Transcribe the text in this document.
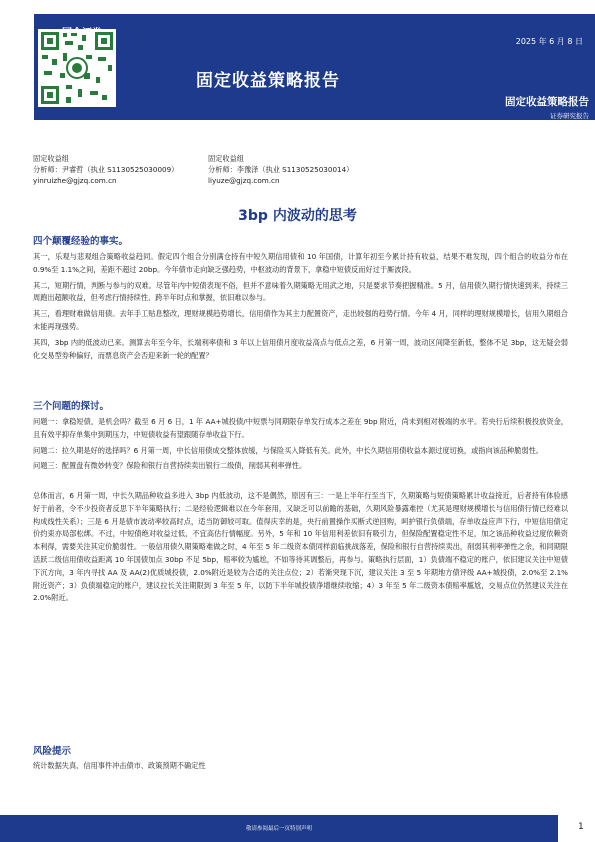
2025 年 6 月 8 日
固定收益策略报告
固定收益策略报告
证券研究报告
固定收益组
分析师：尹睿哲（执业 S1130525030009）
yinruizhe@gjzq.com.cn
固定收益组
分析师：李豫泽（执业 S1130525030014）
liyuze@gjzq.com.cn
3bp 内波动的思考
四个颠覆经验的事实。

其一，乐观与悲观组合策略收益趋同。假定四个组合分别满仓持有中短久期信用债和 10 年国债，计算年初至今累计持有收益，结果不难发现，四个组合的收益分布在 0.9%至 1.1%之间，差距不超过 20bp。今年债市走向缺乏强趋势，中枢波动的背景下，拿稳中短债反而好过于厮波段。

其二，短期行情，判断与参与的双难。尽管年内中短债表现不俗，但并不意味着久期策略无用武之地，只是要求节奏把握精准。5 月，信用债久期行情快速到来，持续三周跑出超额收益，但考虑行情持续性、跨半年时点和掌握，依旧难以参与。

其三，看理财难做信用债。去年手工贴息整改，理财规模趋势增长，信用债作为其主力配置资产，走出较强的趋势行情。今年 4 月，同样的理财规模增长，信用久期组合未能再现强势。

其四，3bp 内的低波动已来。测算去年至今年，长端利率债和 3 年以上信用债月度收益高点与低点之差，6 月第一周，波动区间降至新低，整体不足 3bp，这无疑会弱化交易型券种偏好，而票息资产会否迎来新一轮的配置？

三个问题的探讨。

问题一：拿稳短债，是机会吗？截至 6 月 6 日，1 年 AA+城投债/中短票与同期限存单发行成本之差在 9bp 附近，尚未到相对极端的水平。若央行后续积极投放资金，且有效平抑存单集中到期压力，中短债收益有望跟随存单收益下行。

问题二：拉久期是好的选择吗？6 月第一周，中长信用债成交整体放缓，与保险买入降低有关。此外，中长久期信用债收益本源过度切换，或指向该品种脆弱性。

问题三：配置盘有微妙转变？保险和银行自营持续卖出银行二级债，削弱其利率弹性。

总体而言，6 月第一周，中长久期品种收益多进入 3bp 内低波动，这不是偶然，原因有三：一是上半年行至当下，久期策略与短债策略累计收益接近，后者持有体验感好于前者，令不少投资者反思下半年策略执行；二是经验逻辑难以在今年套用，又缺乏可以前瞻的基础，久期风险暴露难控（尤其是理财规模增长与信用债行情已经难以构成线性关系）；三是 6 月是债市波动率较高时点，适当防御较可取。值得庆幸的是，央行前置操作买断式逆回购，呵护银行负债端，存单收益应声下行，中短信用债定价约束亦局部松绑。不过，中短债绝对收益过低，不宜高估行情幅度。另外，5 年和 10 年信用利差依旧有吸引力，但保险配置稳定性不足，加之该品种收益过度依赖资本利得，需要关注其定价脆弱性。一般信用债久期策略难做之时，4 年至 5 年二级资本债同样面临挑战落差，保险和银行自营持续卖出，削弱其利率弹性之余，和同期限活跃二级信用债收益距离 10 年国债加点 30bp 不足 5bp，赔率较为尴尬，不如等待其调整后，再参与。策略执行层面，1）负债端不稳定的账户，依旧建议关注中短债下沉方向，3 年内寻找 AA 及 AA(2)优质城投债，2.0%附近是较为合适的关注点位；2）若渐突现下沉，建议关注 3 至 5 年期地方债评级 AA+城投债，2.0%至 2.1%附近资产；3）负债端稳定的账户，建议拉长关注期限到 3 年至 5 年，以防下半年城投债净增继续收缩；4）3 年至 5 年二级资本债赔率尴尬，交易点位仍然建议关注在 2.0%附近。

风险提示

统计数据失真、信用事件冲击债市、政策预期不确定性

敬请参阅最后一页特别声明	1
